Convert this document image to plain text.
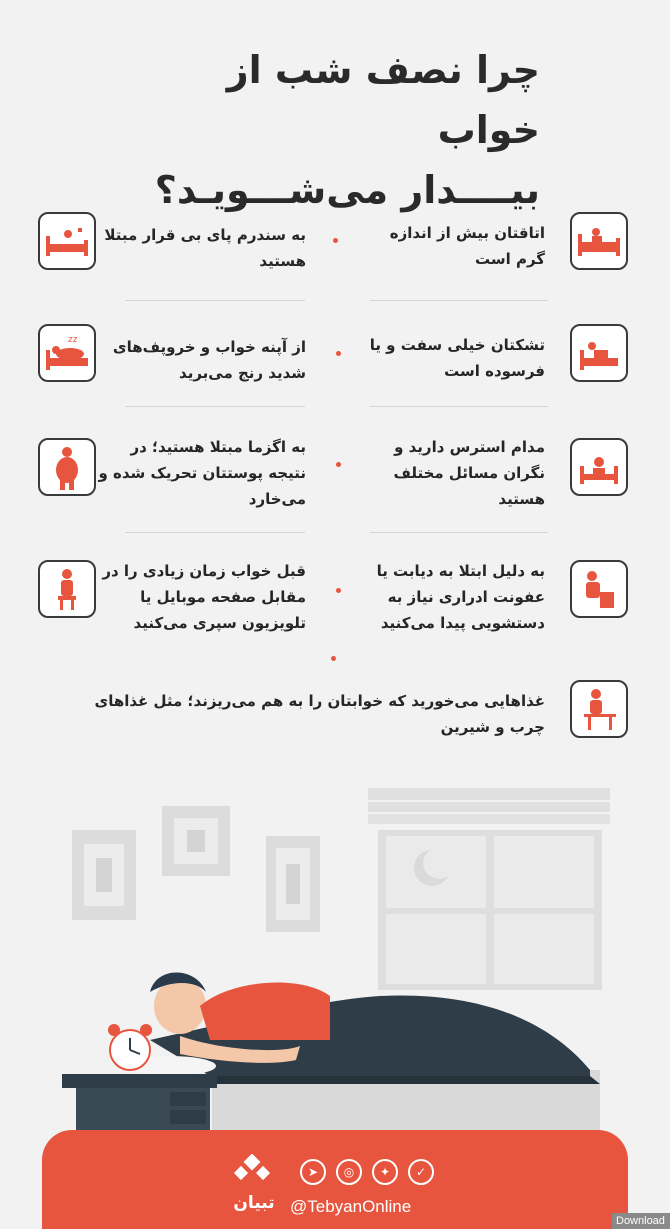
چرا نصف شب از خواب
بیــــدار می‌شـــویـد؟
اتاقتان بیش از اندازه گرم است
به سندرم پای بی قرار مبتلا هستید
تشکتان خیلی سفت و یا فرسوده است
zz	از آپنه خواب و خروپف‌های شدید رنج می‌برید
مدام استرس دارید و نگران مسائل مختلف هستید
به اگزما مبتلا هستید؛ در نتیجه پوستتان تحریک شده و می‌خارد
به دلیل ابتلا به دیابت یا عفونت ادراری نیاز به دستشویی پیدا می‌کنید
قبل خواب زمان زیادی را در مقابل صفحه موبایل یا تلویزیون سپری می‌کنید
غذاهایی می‌خورید که خوابتان را به هم می‌ریزند؛ مثل غذاهای چرب و شیرین
➤	◎	✦	✓
تبیان @TebyanOnline
Download
